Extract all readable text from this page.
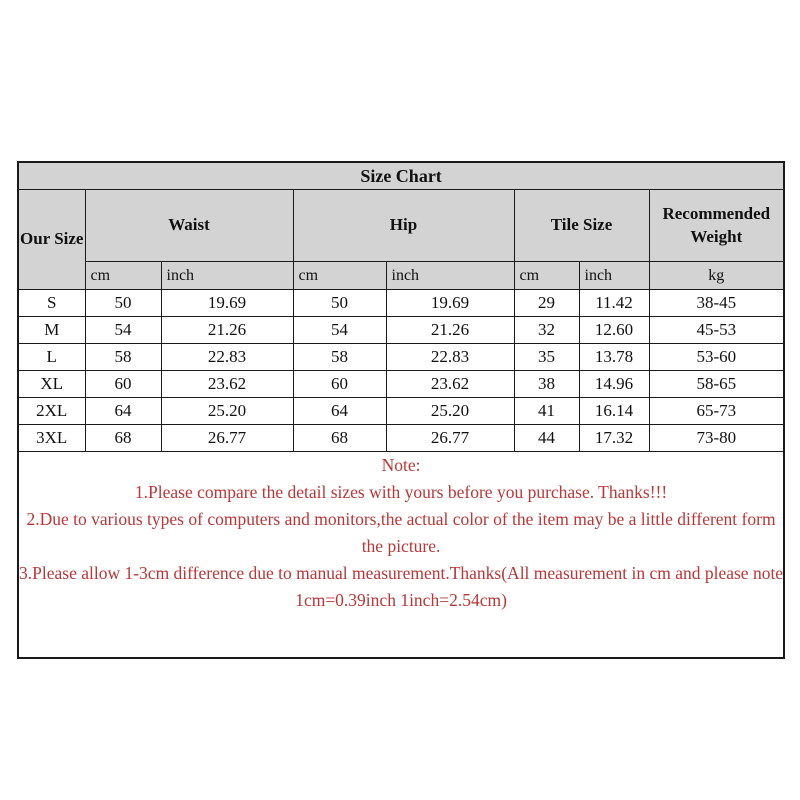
Size Chart							
Our Size	Waist		Hip		Tile Size		Recommended Weight
	cm	inch	cm	inch	cm	inch	kg
S	50	19.69	50	19.69	29	11.42	38-45
M	54	21.26	54	21.26	32	12.60	45-53
L	58	22.83	58	22.83	35	13.78	53-60
XL	60	23.62	60	23.62	38	14.96	58-65
2XL	64	25.20	64	25.20	41	16.14	65-73
3XL	68	26.77	68	26.77	44	17.32	73-80

Note:

1.Please compare the detail sizes with yours before you purchase. Thanks!!!

2.Due to various types of computers and monitors,the actual color of the item may be a little different form the picture.

3.Please allow 1-3cm difference due to manual measurement.Thanks(All measurement in cm and please note 1cm=0.39inch 1inch=2.54cm)							
